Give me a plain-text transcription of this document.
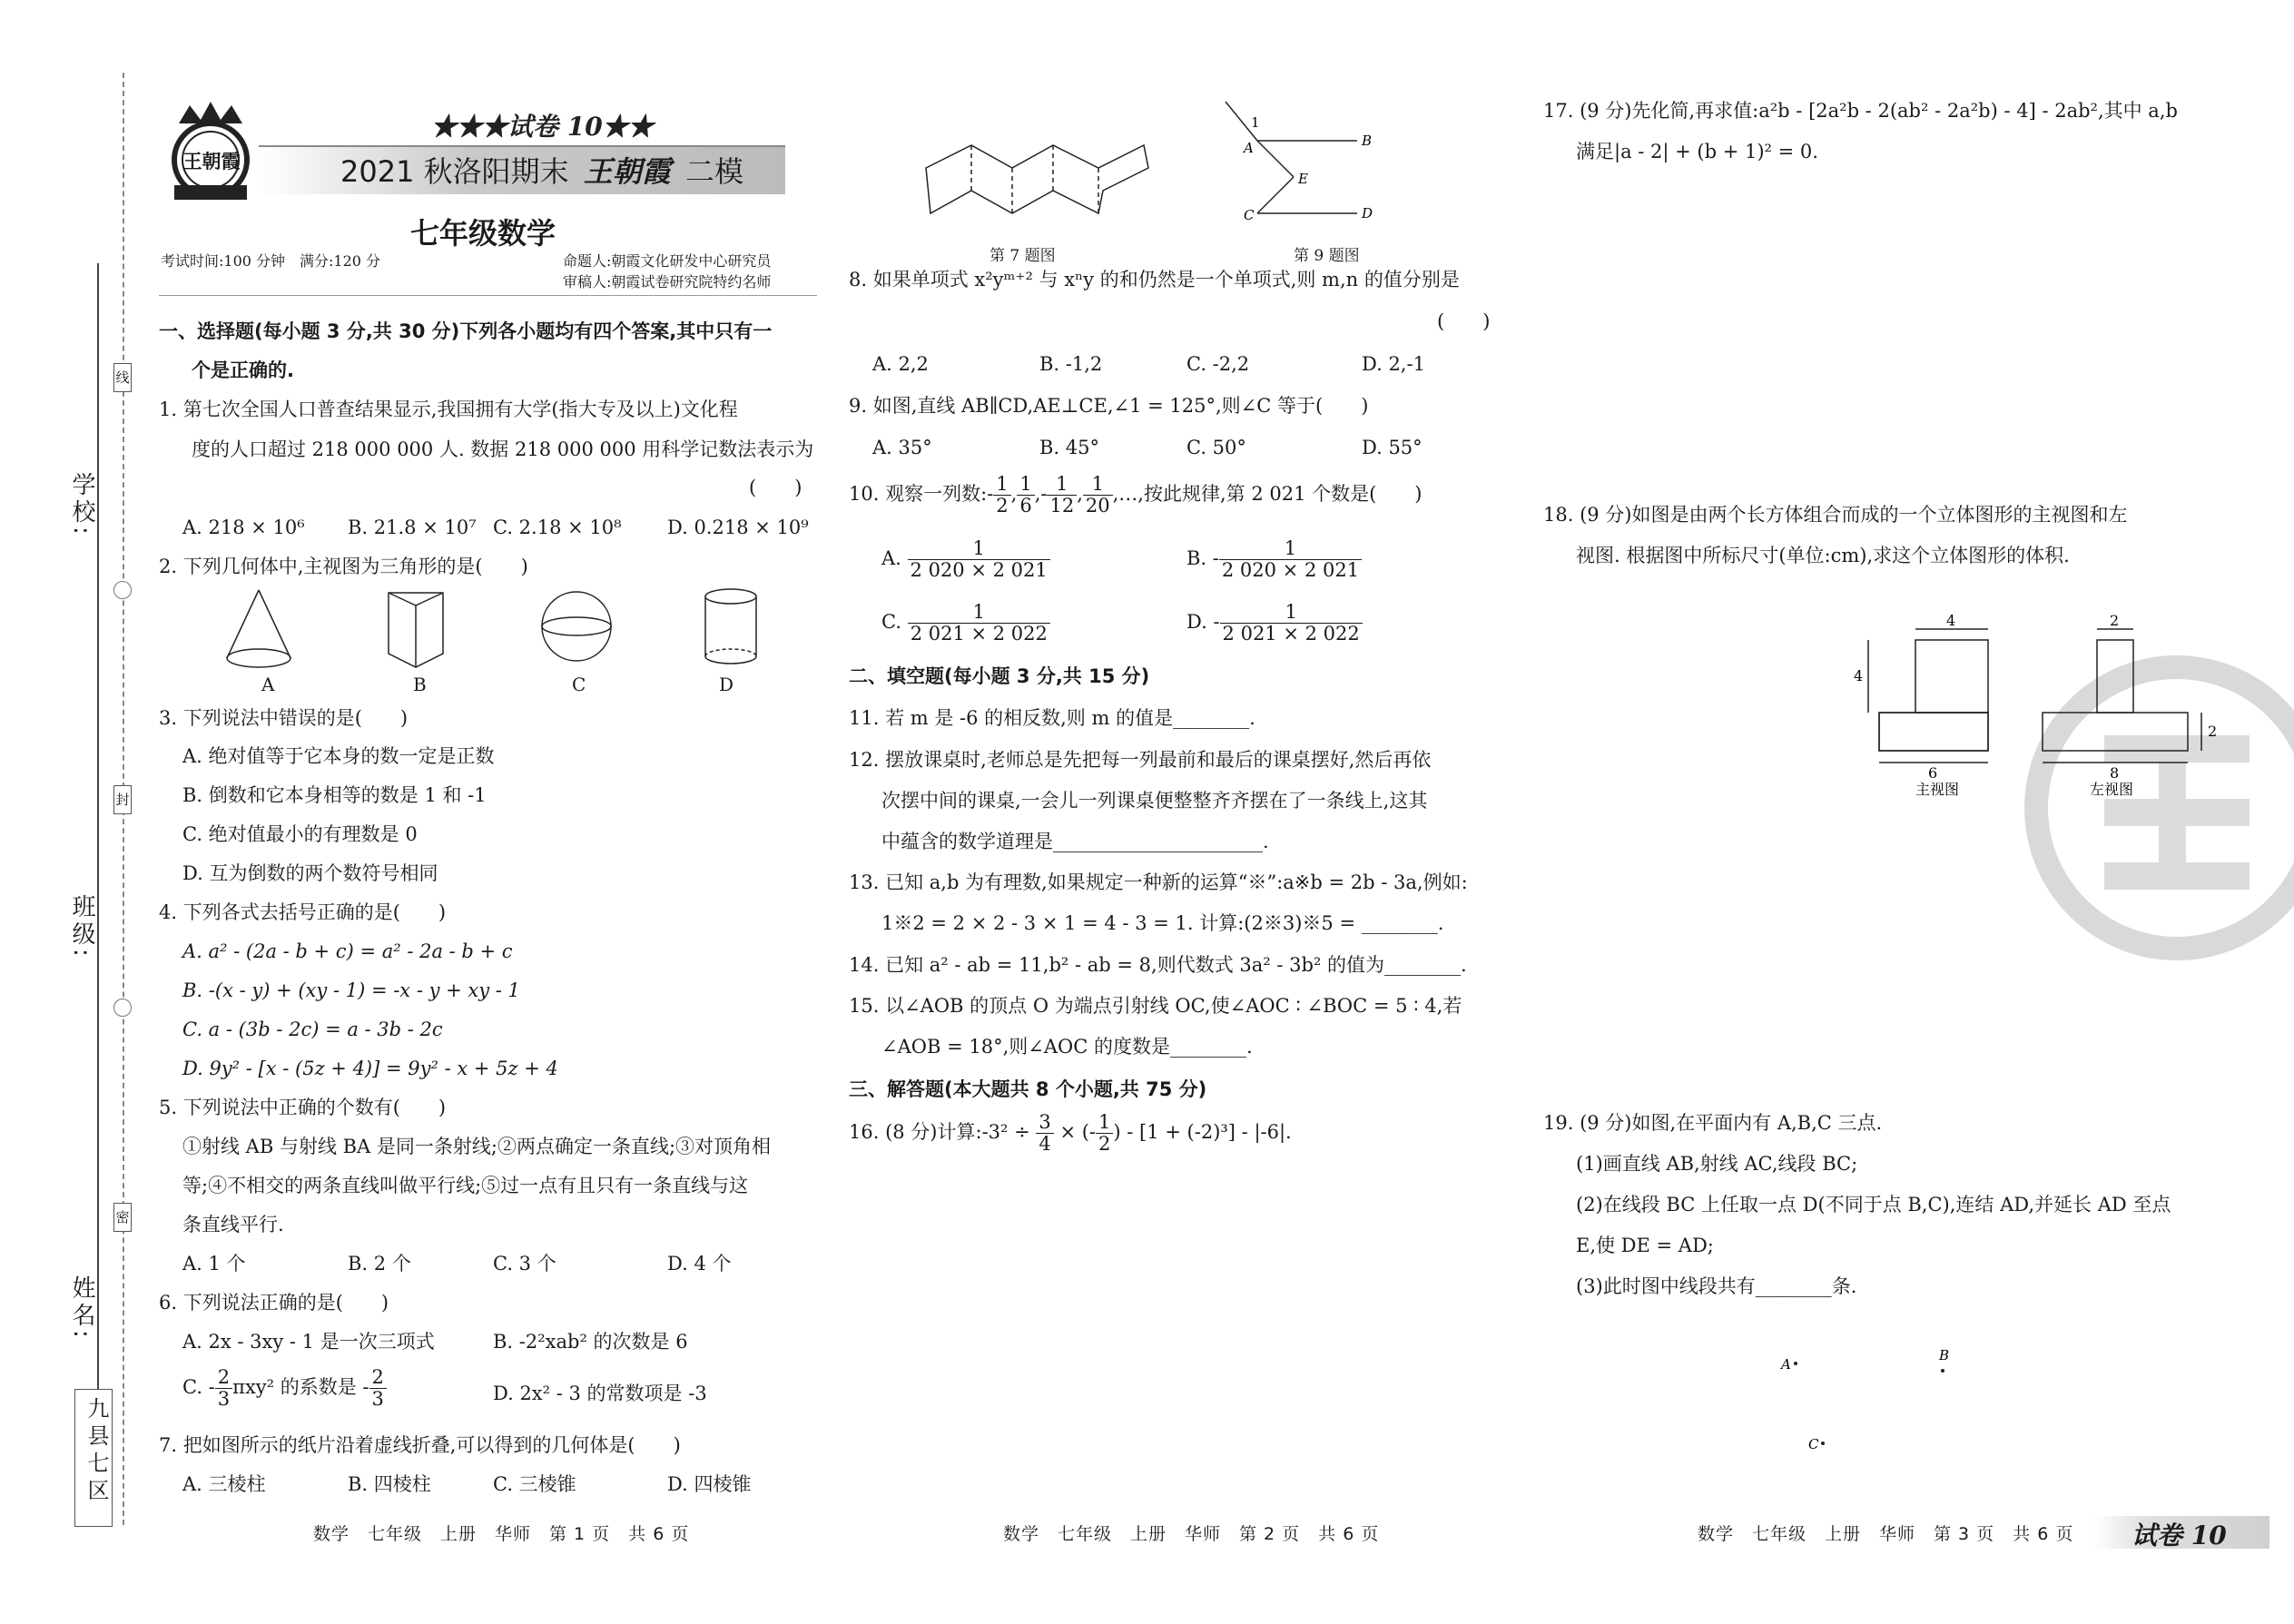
学校:
班级:
姓名:
线
封
密
九县七区
王朝霞
★★★试卷 10★★
2021 秋洛阳期末 王朝霞 二模
七年级数学
考试时间:100 分钟　满分:120 分	命题人:朝霞文化研发中心研究员
审稿人:朝霞试卷研究院特约名师
一、选择题(每小题 3 分,共 30 分)下列各小题均有四个答案,其中只有一
个是正确的.
1. 第七次全国人口普查结果显示,我国拥有大学(指大专及以上)文化程
度的人口超过 218 000 000 人. 数据 218 000 000 用科学记数法表示为
(　　)
A. 218 × 10⁶ B. 21.8 × 10⁷ C. 2.18 × 10⁸ D. 0.218 × 10⁹
2. 下列几何体中,主视图为三角形的是(　　)
A	B	C	D
3. 下列说法中错误的是(　　)
A. 绝对值等于它本身的数一定是正数
B. 倒数和它本身相等的数是 1 和 -1
C. 绝对值最小的有理数是 0
D. 互为倒数的两个数符号相同
4. 下列各式去括号正确的是(　　)
A. a² - (2a - b + c) = a² - 2a - b + c
B. -(x - y) + (xy - 1) = -x - y + xy - 1
C. a - (3b - 2c) = a - 3b - 2c
D. 9y² - [x - (5z + 4)] = 9y² - x + 5z + 4
5. 下列说法中正确的个数有(　　)
①射线 AB 与射线 BA 是同一条射线;②两点确定一条直线;③对顶角相
等;④不相交的两条直线叫做平行线;⑤过一点有且只有一条直线与这
条直线平行.
A. 1 个	B. 2 个	C. 3 个	D. 4 个
6. 下列说法正确的是(　　)
A. 2x - 3xy - 1 是一次三项式	B. -2²xab² 的次数是 6
C. - $\frac{2}{3} \pi xy^2$ 的系数是 - $\frac{2}{3}$	D. 2x² - 3 的常数项是 -3
7. 把如图所示的纸片沿着虚线折叠,可以得到的几何体是(　　)
A. 三棱柱	B. 四棱柱	C. 三棱锥	D. 四棱锥
数学　七年级　上册　华师　第 1 页　共 6 页
第 7 题图
1
A	B
E
C	D
第 9 题图
8. 如果单项式 x²yᵐ⁺² 与 xⁿy 的和仍然是一个单项式,则 m,n 的值分别是
(　　)
A. 2,2	B. -1,2	C. -2,2	D. 2,-1
9. 如图,直线 AB∥CD,AE⊥CE,∠1 = 125°,则∠C 等于(　　)
A. 35°	B. 45°	C. 50°	D. 55°
10. 观察一列数:- $\frac{1}{2}$ , $\frac{1}{6}$ ,- $\frac{1}{12}$ , $\frac{1}{20}$ ,…,按此规律,第 2 021 个数是(　　)
A. $\frac{1}{2 020 \times 2 021}$	B. - $\frac{1}{2 020 \times 2 021}$
C. $\frac{1}{2 021 \times 2 022}$	D. - $\frac{1}{2 021 \times 2 022}$
二、填空题(每小题 3 分,共 15 分)
11. 若 m 是 -6 的相反数,则 m 的值是________.
12. 摆放课桌时,老师总是先把每一列最前和最后的课桌摆好,然后再依
次摆中间的课桌,一会儿一列课桌便整整齐齐摆在了一条线上,这其
中蕴含的数学道理是______________________.
13. 已知 a,b 为有理数,如果规定一种新的运算“※”:a※b = 2b - 3a,例如:
1※2 = 2 × 2 - 3 × 1 = 4 - 3 = 1. 计算:(2※3)※5 = ________.
14. 已知 a² - ab = 11,b² - ab = 8,则代数式 3a² - 3b² 的值为________.
15. 以∠AOB 的顶点 O 为端点引射线 OC,使∠AOC ∶ ∠BOC = 5 ∶ 4,若
∠AOB = 18°,则∠AOC 的度数是________.
三、解答题(本大题共 8 个小题,共 75 分)
16. (8 分)计算:-3² ÷ $\frac{3}{4}$ × (- $\frac{1}{2}$ ) - [1 + (-2)³] - |-6|.
数学　七年级　上册　华师　第 2 页　共 6 页
17. (9 分)先化简,再求值:a²b - [2a²b - 2(ab² - 2a²b) - 4] - 2ab²,其中 a,b
满足|a - 2| + (b + 1)² = 0.
18. (9 分)如图是由两个长方体组合而成的一个立体图形的主视图和左
视图. 根据图中所标尺寸(单位:cm),求这个立体图形的体积.
4
4
6
2
2
8
主视图	左视图
19. (9 分)如图,在平面内有 A,B,C 三点.
(1)画直线 AB,射线 AC,线段 BC;
(2)在线段 BC 上任取一点 D(不同于点 B,C),连结 AD,并延长 AD 至点
E,使 DE = AD;
(3)此时图中线段共有________条.
A
B
C
数学　七年级　上册　华师　第 3 页　共 6 页 试卷 10
